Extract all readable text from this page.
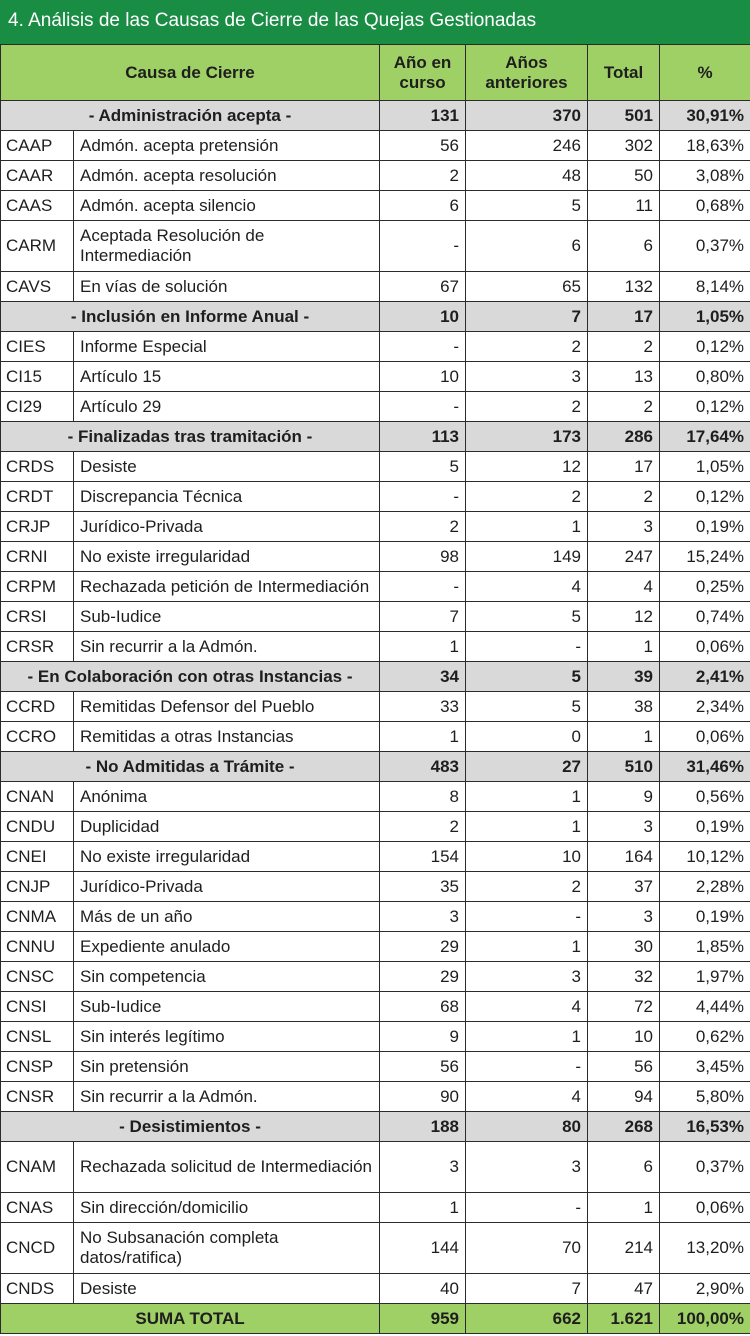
4. Análisis de las Causas de Cierre de las Quejas Gestionadas
Causa de Cierre		Año en curso	Años anteriores	Total	%
- Administración acepta -		131	370	501	30,91%
CAAP	Admón. acepta pretensión	56	246	302	18,63%
CAAR	Admón. acepta resolución	2	48	50	3,08%
CAAS	Admón. acepta silencio	6	5	11	0,68%
CARM	Aceptada Resolución de Intermediación	-	6	6	0,37%
CAVS	En vías de solución	67	65	132	8,14%
- Inclusión en Informe Anual -		10	7	17	1,05%
CIES	Informe Especial	-	2	2	0,12%
CI15	Artículo 15	10	3	13	0,80%
CI29	Artículo 29	-	2	2	0,12%
- Finalizadas tras tramitación -		113	173	286	17,64%
CRDS	Desiste	5	12	17	1,05%
CRDT	Discrepancia Técnica	-	2	2	0,12%
CRJP	Jurídico-Privada	2	1	3	0,19%
CRNI	No existe irregularidad	98	149	247	15,24%
CRPM	Rechazada petición de Intermediación	-	4	4	0,25%
CRSI	Sub-Iudice	7	5	12	0,74%
CRSR	Sin recurrir a la Admón.	1	-	1	0,06%
- En Colaboración con otras Instancias -		34	5	39	2,41%
CCRD	Remitidas Defensor del Pueblo	33	5	38	2,34%
CCRO	Remitidas a otras Instancias	1	0	1	0,06%
- No Admitidas a Trámite -		483	27	510	31,46%
CNAN	Anónima	8	1	9	0,56%
CNDU	Duplicidad	2	1	3	0,19%
CNEI	No existe irregularidad	154	10	164	10,12%
CNJP	Jurídico-Privada	35	2	37	2,28%
CNMA	Más de un año	3	-	3	0,19%
CNNU	Expediente anulado	29	1	30	1,85%
CNSC	Sin competencia	29	3	32	1,97%
CNSI	Sub-Iudice	68	4	72	4,44%
CNSL	Sin interés legítimo	9	1	10	0,62%
CNSP	Sin pretensión	56	-	56	3,45%
CNSR	Sin recurrir a la Admón.	90	4	94	5,80%
- Desistimientos -		188	80	268	16,53%
CNAM	Rechazada solicitud de Intermediación	3	3	6	0,37%
CNAS	Sin dirección/domicilio	1	-	1	0,06%
CNCD	No Subsanación completa datos/ratifica)	144	70	214	13,20%
CNDS	Desiste	40	7	47	2,90%
SUMA TOTAL		959	662	1.621	100,00%
